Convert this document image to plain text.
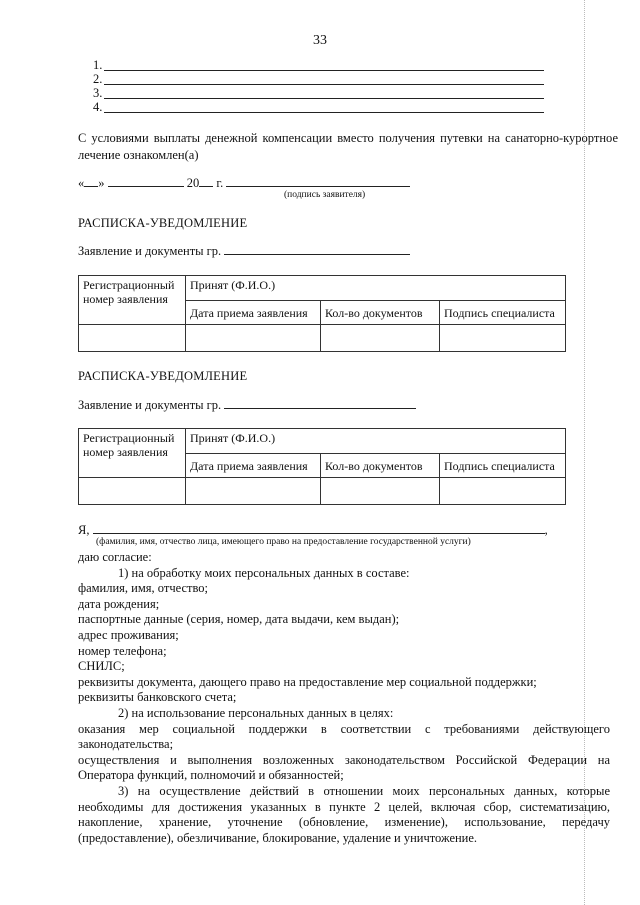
33
1.
2.
3.
4.
С условиями выплаты денежной компенсации вместо получения путевки на санаторно-курортное лечение ознакомлен(а)
« »	20 г.
(подпись заявителя)
РАСПИСКА-УВЕДОМЛЕНИЕ
Заявление и документы гр.
Регистрационный номер заявления	Принят (Ф.И.О.)		
	Дата приема заявления	Кол-во документов	Подпись специалиста

РАСПИСКА-УВЕДОМЛЕНИЕ
Заявление и документы гр.
Регистрационный номер заявления	Принят (Ф.И.О.)		
	Дата приема заявления	Кол-во документов	Подпись специалиста

Я,	,
(фамилия, имя, отчество лица, имеющего право на предоставление государственной услуги)

даю согласие:

1) на обработку моих персональных данных в составе:

фамилия, имя, отчество;

дата рождения;

паспортные данные (серия, номер, дата выдачи, кем выдан);

адрес проживания;

номер телефона;

СНИЛС;

реквизиты документа, дающего право на предоставление мер социальной поддержки;

реквизиты банковского счета;

2) на использование персональных данных в целях:

оказания мер социальной поддержки в соответствии с требованиями действующего законодательства;

осуществления и выполнения возложенных законодательством Российской Федерации на Оператора функций, полномочий и обязанностей;

3) на осуществление действий в отношении моих персональных данных, которые необходимы для достижения указанных в пункте 2 целей, включая сбор, систематизацию, накопление, хранение, уточнение (обновление, изменение), использование, передачу (предоставление), обезличивание, блокирование, удаление и уничтожение.
